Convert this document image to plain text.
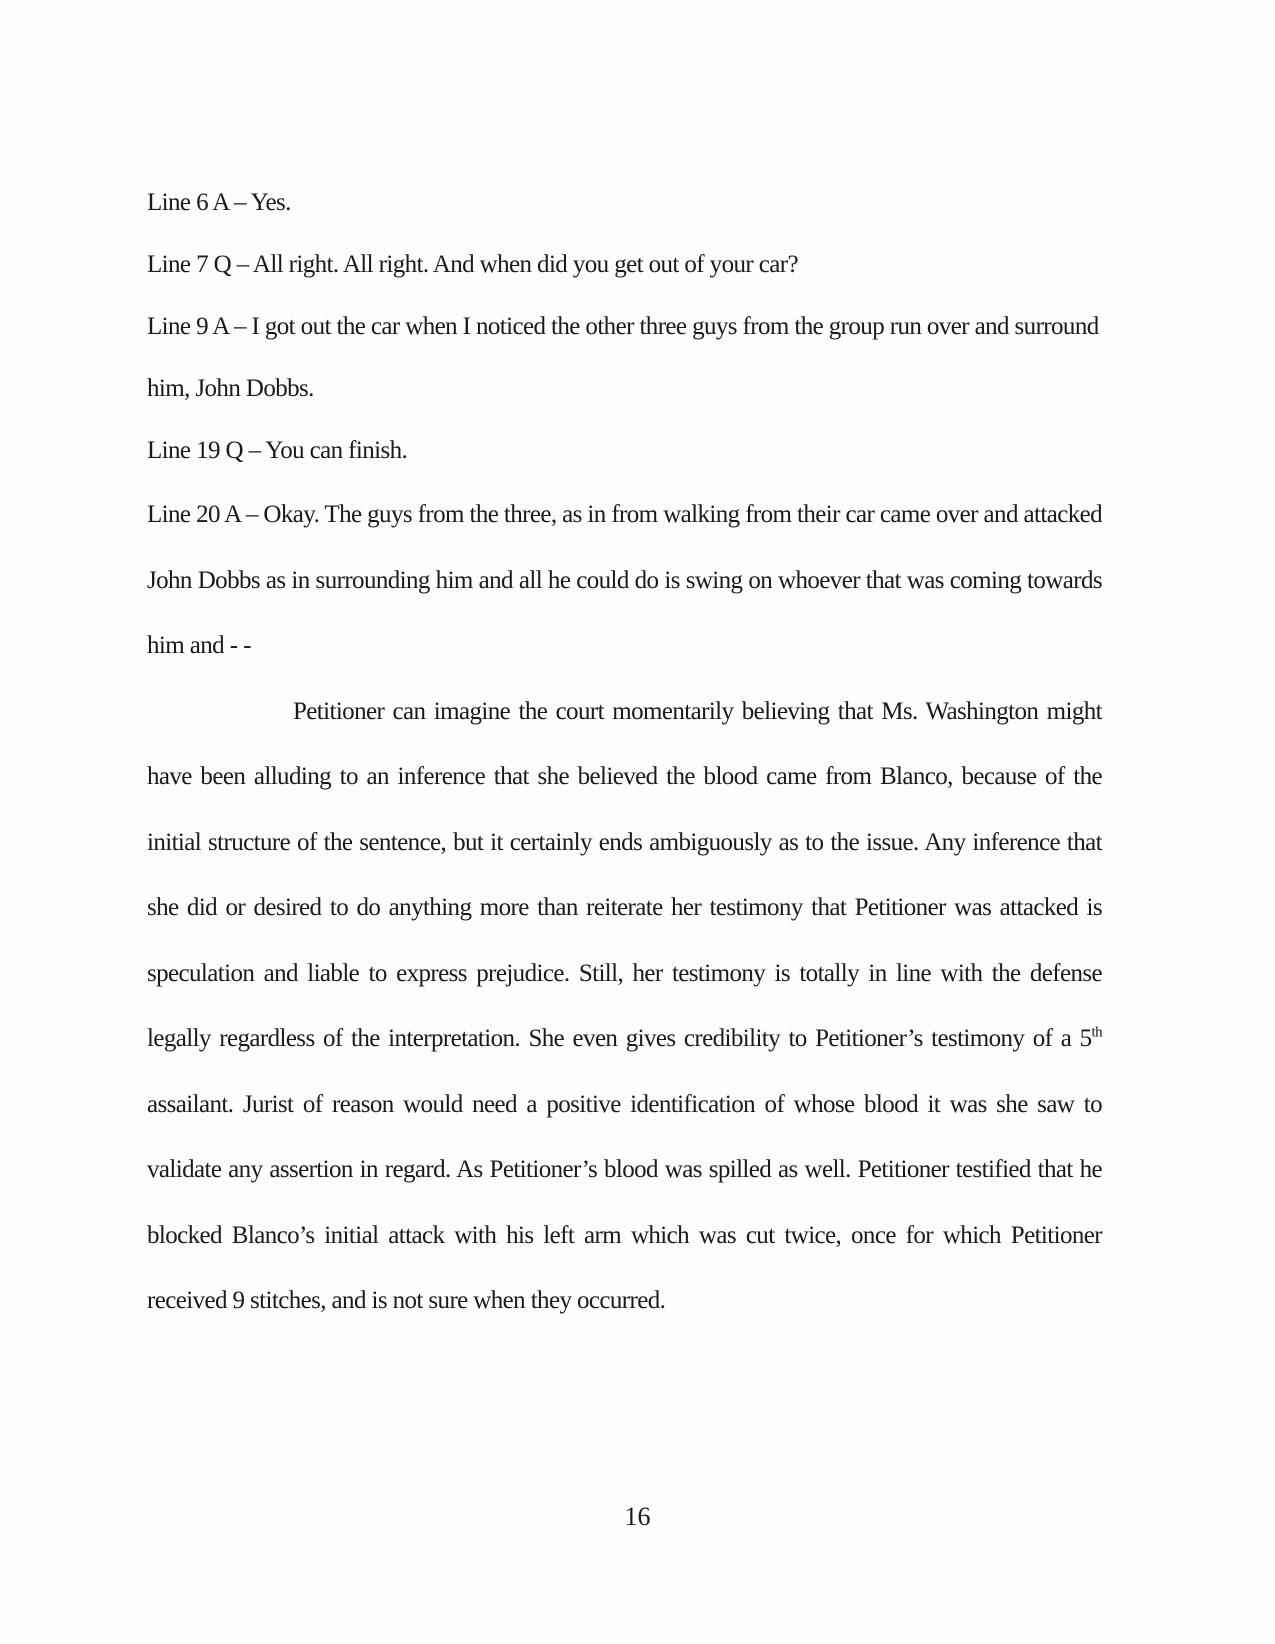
Line 6 A – Yes.

Line 7 Q – All right. All right. And when did you get out of your car?

Line 9 A – I got out the car when I noticed the other three guys from the group run over and surround him, John Dobbs.

Line 19 Q – You can finish.

Line 20 A – Okay. The guys from the three, as in from walking from their car came over and attacked John Dobbs as in surrounding him and all he could do is swing on whoever that was coming towards him and - -

Petitioner can imagine the court momentarily believing that Ms. Washington might have been alluding to an inference that she believed the blood came from Blanco, because of the initial structure of the sentence, but it certainly ends ambiguously as to the issue. Any inference that she did or desired to do anything more than reiterate her testimony that Petitioner was attacked is speculation and liable to express prejudice. Still, her testimony is totally in line with the defense legally regardless of the interpretation. She even gives credibility to Petitioner’s testimony of a 5th assailant. Jurist of reason would need a positive identification of whose blood it was she saw to validate any assertion in regard. As Petitioner’s blood was spilled as well. Petitioner testified that he blocked Blanco’s initial attack with his left arm which was cut twice, once for which Petitioner received 9 stitches, and is not sure when they occurred.

16
